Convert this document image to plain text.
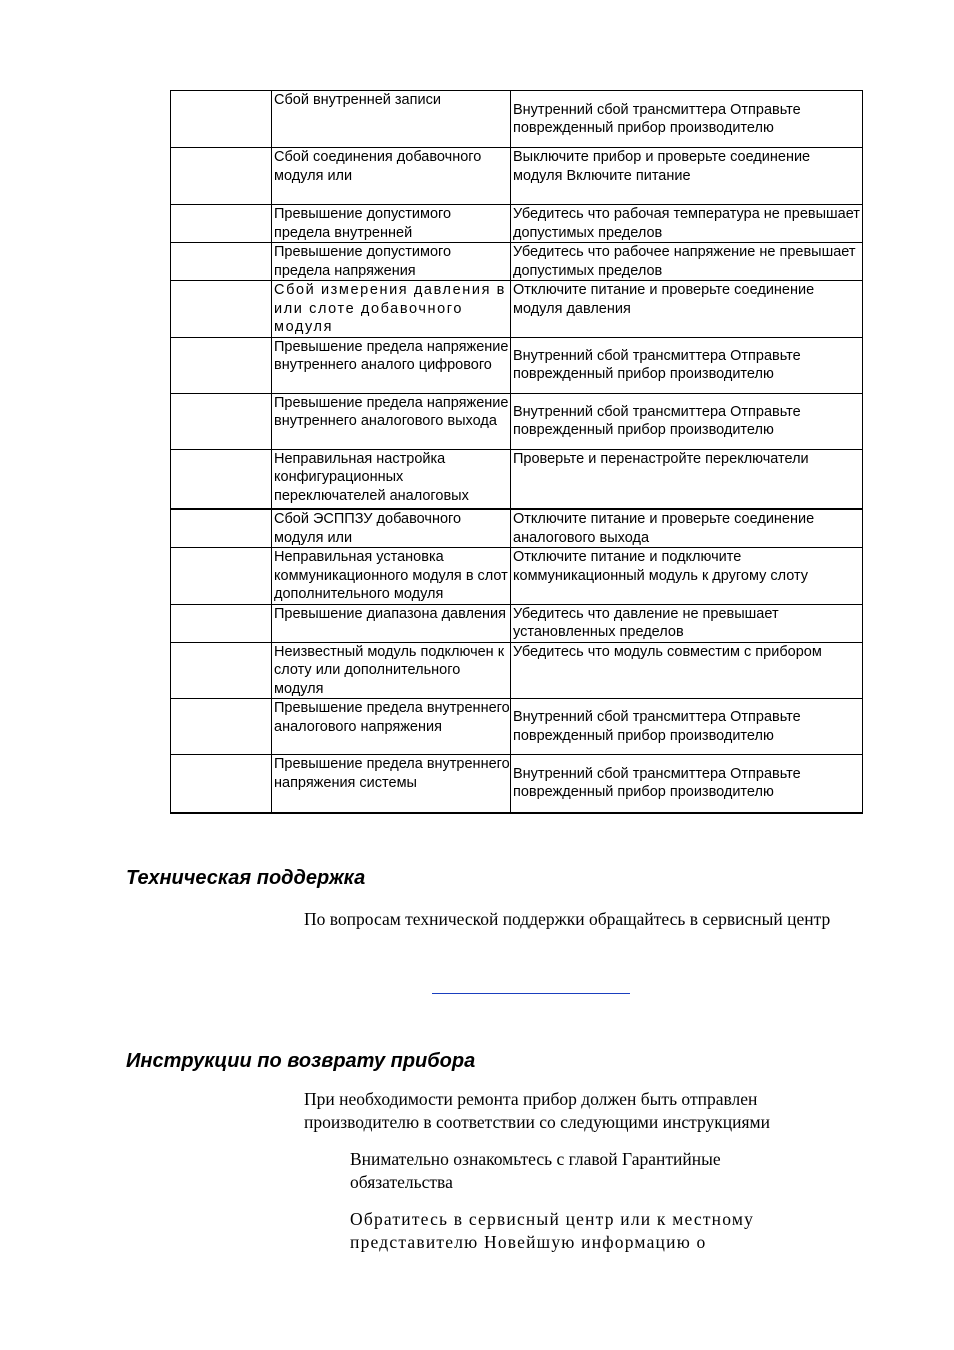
	Сбой внутренней записи	Внутренний сбой трансмиттера Отправьте поврежденный прибор производителю
	Сбой соединения добавочного модуля или	Выключите прибор и проверьте соединение модуля Включите питание
	Превышение допустимого предела внутренней	Убедитесь что рабочая температура не превышает допустимых пределов
	Превышение допустимого предела напряжения	Убедитесь что рабочее напряжение не превышает допустимых пределов
	Сбой измерения давления в или слоте добавочного модуля	Отключите питание и проверьте соединение модуля давления
	Превышение предела напряжение внутреннего аналого цифрового	Внутренний сбой трансмиттера Отправьте поврежденный прибор производителю
	Превышение предела напряжение внутреннего аналогового выхода	Внутренний сбой трансмиттера Отправьте поврежденный прибор производителю
	Неправильная настройка конфигурационных переключателей аналоговых	Проверьте и перенастройте переключатели
	Сбой ЭСППЗУ добавочного модуля или	Отключите питание и проверьте соединение аналогового выхода
	Неправильная установка коммуникационного модуля в слот дополнительного модуля	Отключите питание и подключите коммуникационный модуль к другому слоту
	Превышение диапазона давления	Убедитесь что давление не превышает установленных пределов
	Неизвестный модуль подключен к слоту или дополнительного модуля	Убедитесь что модуль совместим с прибором
	Превышение предела внутреннего аналогового напряжения	Внутренний сбой трансмиттера Отправьте поврежденный прибор производителю
	Превышение предела внутреннего напряжения системы	Внутренний сбой трансмиттера Отправьте поврежденный прибор производителю
Техническая поддержка

По вопросам технической поддержки обращайтесь в сервисный центр

Инструкции по возврату прибора

При необходимости ремонта прибор должен быть отправлен производителю в соответствии со следующими инструкциями

Внимательно ознакомьтесь с главой Гарантийные обязательства

Обратитесь в сервисный центр или к местному представителю Новейшую информацию о
